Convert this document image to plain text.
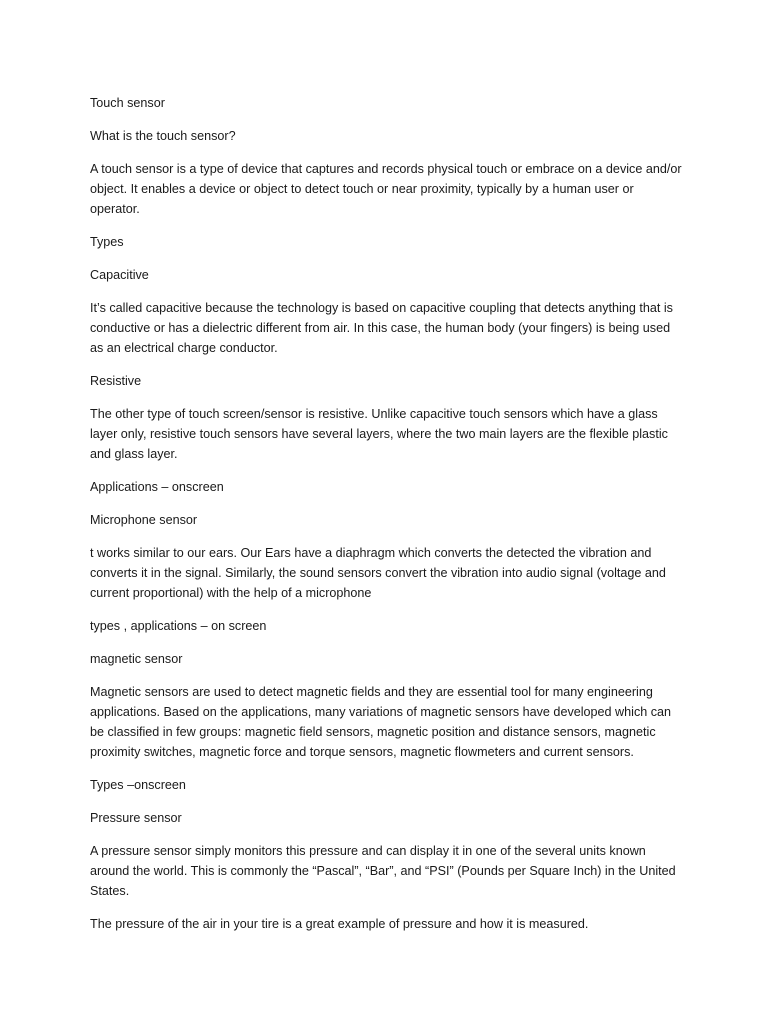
Touch sensor

What is the touch sensor?

A touch sensor is a type of device that captures and records physical touch or embrace on a device and/or object. It enables a device or object to detect touch or near proximity, typically by a human user or operator.

Types

Capacitive

It’s called capacitive because the technology is based on capacitive coupling that detects anything that is conductive or has a dielectric different from air. In this case, the human body (your fingers) is being used as an electrical charge conductor.

Resistive

The other type of touch screen/sensor is resistive. Unlike capacitive touch sensors which have a glass layer only, resistive touch sensors have several layers, where the two main layers are the flexible plastic and glass layer.

Applications – onscreen

Microphone sensor

t works similar to our ears. Our Ears have a diaphragm which converts the detected the vibration and converts it in the signal. Similarly, the sound sensors convert the vibration into audio signal (voltage and current proportional) with the help of a microphone

types , applications – on screen

magnetic sensor

Magnetic sensors are used to detect magnetic fields and they are essential tool for many engineering applications. Based on the applications, many variations of magnetic sensors have developed which can be classified in few groups: magnetic field sensors, magnetic position and distance sensors, magnetic proximity switches, magnetic force and torque sensors, magnetic flowmeters and current sensors.

Types –onscreen

Pressure sensor

A pressure sensor simply monitors this pressure and can display it in one of the several units known around the world. This is commonly the “Pascal”, “Bar”, and “PSI” (Pounds per Square Inch) in the United States.

The pressure of the air in your tire is a great example of pressure and how it is measured.
